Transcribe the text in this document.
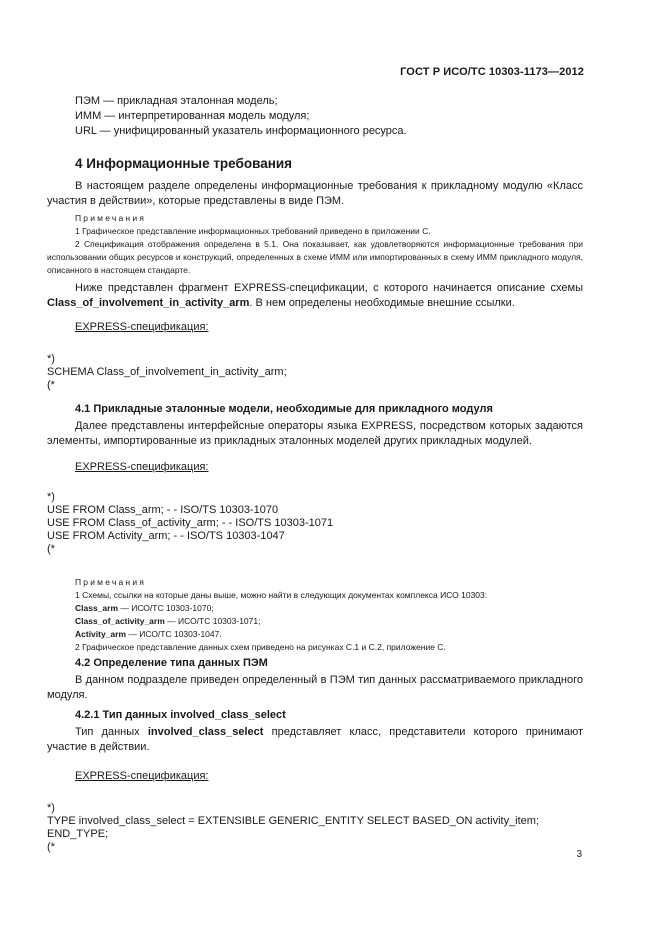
ГОСТ Р ИСО/ТС 10303-1173—2012

ПЭМ — прикладная эталонная модель;

ИММ — интерпретированная модель модуля;

URL — унифицированный указатель информационного ресурса.

4 Информационные требования

В настоящем разделе определены информационные требования к прикладному модулю «Класс участия в действии», которые представлены в виде ПЭМ.

Примечания
1 Графическое представление информационных требований приведено в приложении С.
2 Спецификация отображения определена в 5.1. Она показывает, как удовлетворяются информационные требования при использовании общих ресурсов и конструкций, определенных в схеме ИММ или импортированных в схему ИММ прикладного модуля, описанного в настоящем стандарте.

Ниже представлен фрагмент EXPRESS-спецификации, с которого начинается описание схемы Class_of_involvement_in_activity_arm. В нем определены необходимые внешние ссылки.

EXPRESS-спецификация:

*)
SCHEMA Class_of_involvement_in_activity_arm;
(*
4.1 Прикладные эталонные модели, необходимые для прикладного модуля

Далее представлены интерфейсные операторы языка EXPRESS, посредством которых задаются элементы, импортированные из прикладных эталонных моделей других прикладных модулей.

EXPRESS-спецификация:

*)
USE FROM Class_arm; - - ISO/TS 10303-1070
USE FROM Class_of_activity_arm; - - ISO/TS 10303-1071
USE FROM Activity_arm; - - ISO/TS 10303-1047
(*
Примечания
1 Схемы, ссылки на которые даны выше, можно найти в следующих документах комплекса ИСО 10303:
Class_arm — ИСО/ТС 10303-1070;
Class_of_activity_arm — ИСО/ТС 10303-1071;
Activity_arm — ИСО/ТС 10303-1047.
2 Графическое представление данных схем приведено на рисунках С.1 и С.2, приложение С.
4.2 Определение типа данных ПЭМ

В данном подразделе приведен определенный в ПЭМ тип данных рассматриваемого прикладного модуля.

4.2.1 Тип данных involved_class_select

Тип данных involved_class_select представляет класс, представители которого принимают участие в действии.

EXPRESS-спецификация:

*)
TYPE involved_class_select = EXTENSIBLE GENERIC_ENTITY SELECT BASED_ON activity_item;
END_TYPE;
(*
3
